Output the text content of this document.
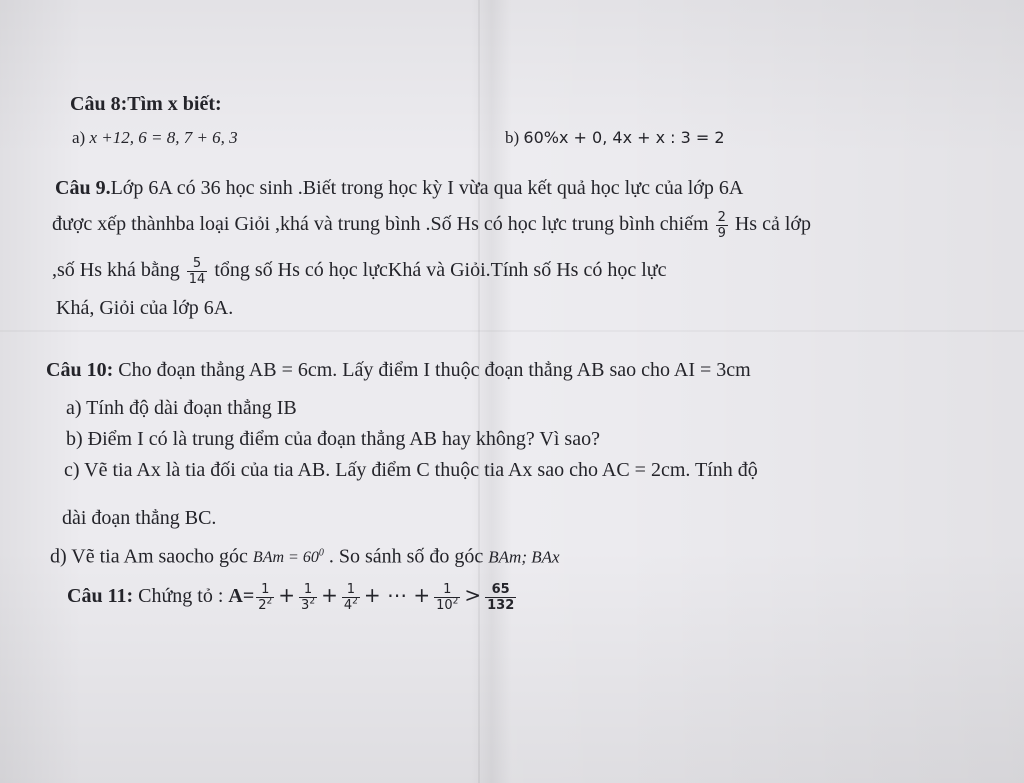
Câu 8:Tìm x biết:
a) x +12, 6 = 8, 7 + 6, 3	b) 60%x + 0, 4x + x : 3 = 2
Câu 9.Lớp 6A có 36 học sinh .Biết trong học kỳ I vừa qua kết quả học lực của lớp 6A
được xếp thànhba loại Giỏi ,khá và trung bình .Số Hs có học lực trung bình chiếm $\frac{2}{9}$ Hs cả lớp
,số Hs khá bằng $\frac{5}{14}$ tổng số Hs có học lựcKhá và Giỏi.Tính số Hs có học lực
Khá, Giỏi của lớp 6A.
Câu 10: Cho đoạn thẳng AB = 6cm. Lấy điểm I thuộc đoạn thẳng AB sao cho AI = 3cm
a) Tính độ dài đoạn thẳng IB
b) Điểm I có là trung điểm của đoạn thẳng AB hay không? Vì sao?
c) Vẽ tia Ax là tia đối của tia AB. Lấy điểm C thuộc tia Ax sao cho AC = 2cm. Tính độ
dài đoạn thẳng BC.
d) Vẽ tia Am saocho góc BAm = $60^0$ . So sánh số đo góc BAm; BAx
Câu 11: Chứng tỏ : $A= \frac{1}{2^2} + \frac{1}{3^2} + \frac{1}{4^2}$ + ⋯ + $\frac{1}{10^2} > \frac{65}{132}$
